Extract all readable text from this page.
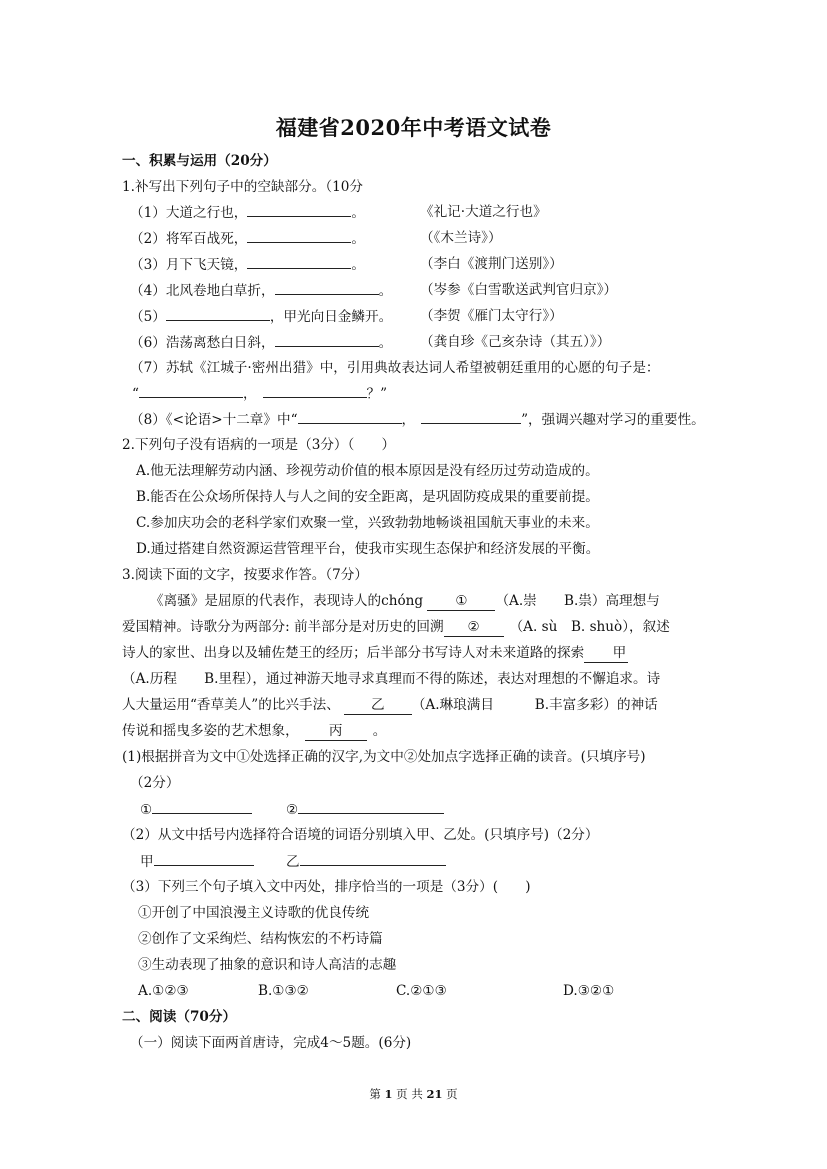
福建省2020年中考语文试卷
一、积累与运用（20分）
1.补写出下列句子中的空缺部分。（10分
（1）大道之行也，	。	《礼记·大道之行也》
（2）将军百战死，	。	（《木兰诗》）
（3）月下飞天镜，	。	（李白《渡荆门送别》）
（4）北风卷地白草折，	。 （岑参《白雪歌送武判官归京》）
（5）	，甲光向日金鳞开。 （李贺《雁门太守行》）
（6）浩荡离愁白日斜，	。 （龚自珍《己亥杂诗（其五）》）
（7）苏轼《江城子·密州出猎》中，引用典故表达词人希望被朝廷重用的心愿的句子是：
“	，	？”
（8）《<论语>十二章》中“	，	”，强调兴趣对学习的重要性。
2.下列句子没有语病的一项是（3分）（　　）
A.他无法理解劳动内涵、珍视劳动价值的根本原因是没有经历过劳动造成的。
B.能否在公众场所保持人与人之间的安全距离，是巩固防疫成果的重要前提。
C.参加庆功会的老科学家们欢聚一堂，兴致勃勃地畅谈祖国航天事业的未来。
D.通过搭建自然资源运营管理平台，使我市实现生态保护和经济发展的平衡。
3.阅读下面的文字，按要求作答。（7分）
《离骚》是屈原的代表作，表现诗人的chóng ① （A.崇　　B.祟）高理想与
爱国精神。诗歌分为两部分: 前半部分是对历史的回溯 ② （A. sù　B. shuò），叙述
诗人的家世、出身以及辅佐楚王的经历；后半部分书写诗人对未来道路的探索 甲
（A.历程　　B.里程），通过神游天地寻求真理而不得的陈述，表达对理想的不懈追求。诗
人大量运用“香草美人”的比兴手法、 乙 （A.琳琅满目　　　B.丰富多彩）的神话
传说和摇曳多姿的艺术想象， 丙 。
(1)根据拼音为文中①处选择正确的汉字,为文中②处加点字选择正确的读音。(只填序号)
（2分）
①	②
（2）从文中括号内选择符合语境的词语分别填入甲、乙处。(只填序号)（2分）
甲	乙
（3）下列三个句子填入文中丙处，排序恰当的一项是（3分）(　　)
①开创了中国浪漫主义诗歌的优良传统
②创作了文采绚烂、结构恢宏的不朽诗篇
③生动表现了抽象的意识和诗人高洁的志趣
A.①②③	B.①③②	C.②①③	D.③②①
二、阅读（70分）
（一）阅读下面两首唐诗，完成4～5题。(6分)
第 1 页 共 21 页
